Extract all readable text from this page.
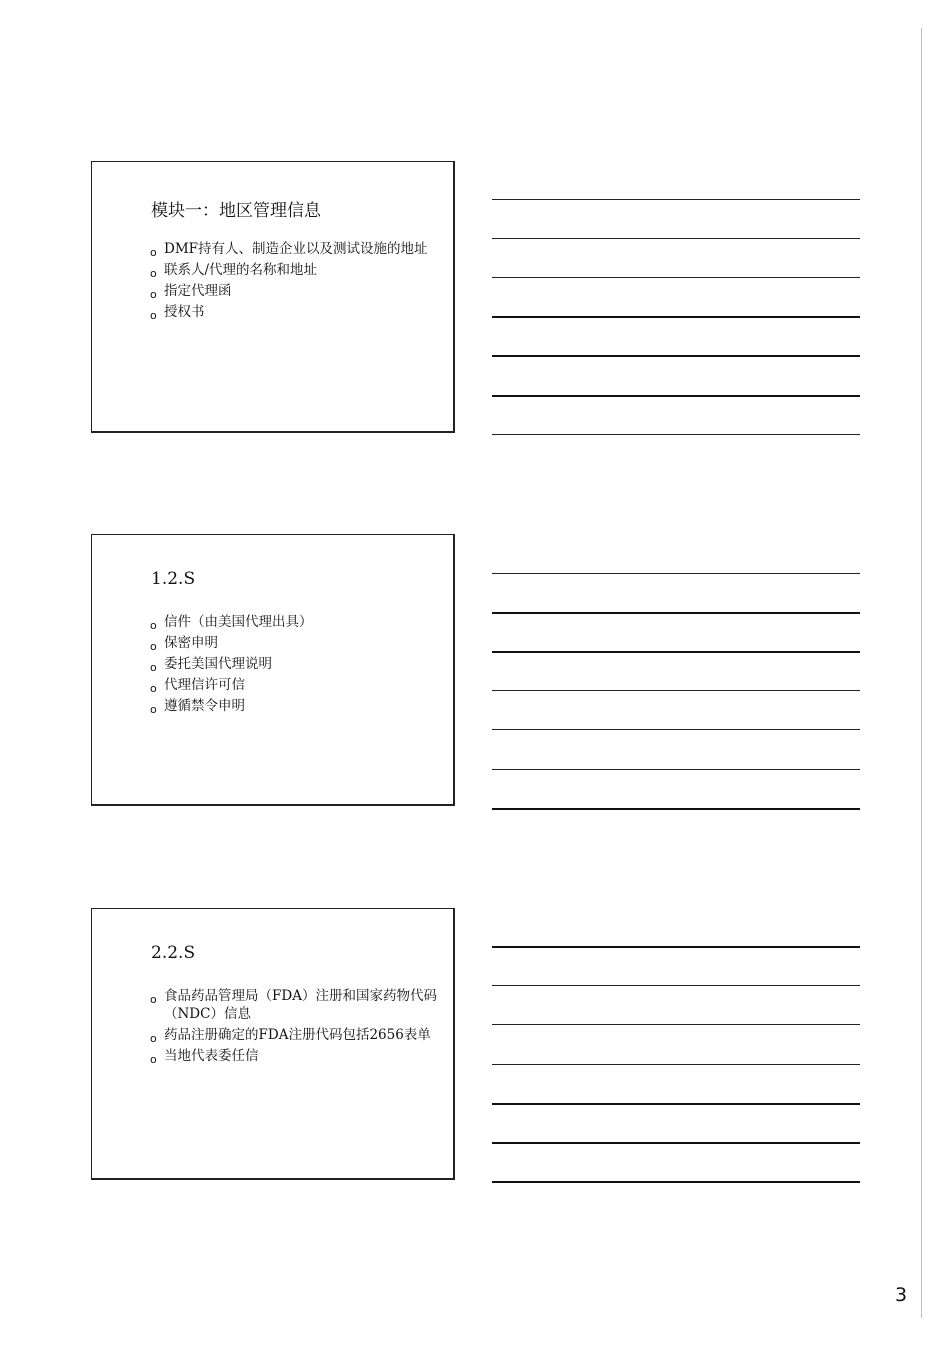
模块一：地区管理信息
o DMF持有人、制造企业以及测试设施的地址
o 联系人/代理的名称和地址
o 指定代理函
o 授权书
1.2.S
o 信件（由美国代理出具）
o 保密申明
o 委托美国代理说明
o 代理信许可信
o 遵循禁令申明
2.2.S
o 食品药品管理局（FDA）注册和国家药物代码（NDC）信息
o 药品注册确定的FDA注册代码包括2656表单
o 当地代表委任信
3
